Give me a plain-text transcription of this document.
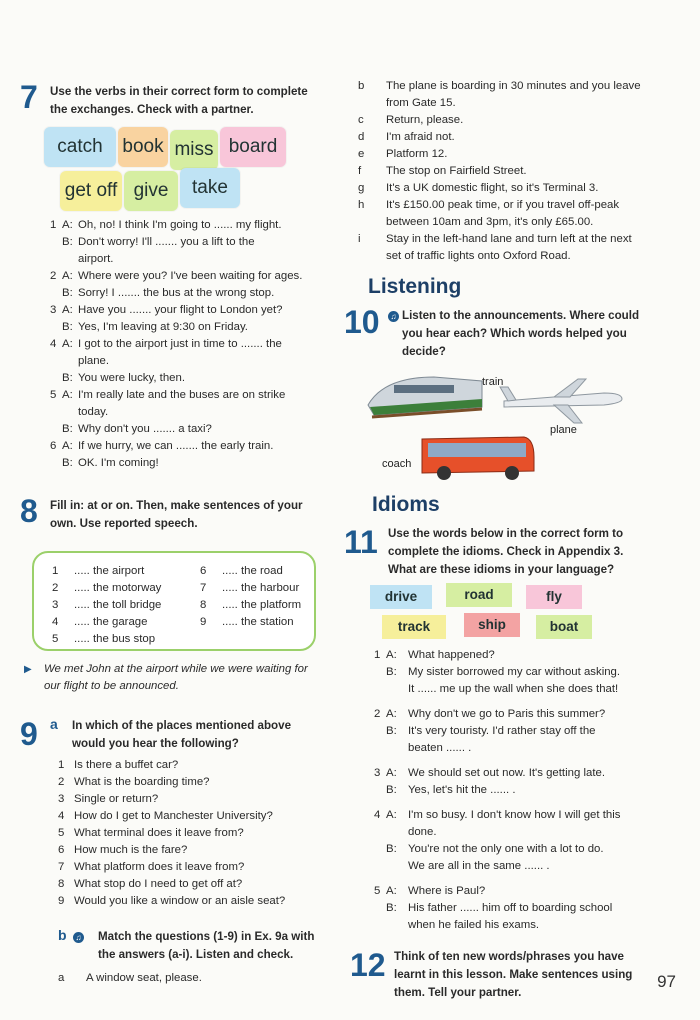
7 Use the verbs in their correct form to complete the exchanges. Check with a partner.
catch	book miss board
get off give	take
1 A: Oh, no! I think I'm going to ...... my flight.
B: Don't worry! I'll ....... you a lift to the
airport.
2 A: Where were you? I've been waiting for ages.
B: Sorry! I ....... the bus at the wrong stop.
3 A: Have you ....... your flight to London yet?
B: Yes, I'm leaving at 9:30 on Friday.
4 A: I got to the airport just in time to ....... the
plane.
B: You were lucky, then.
5 A: I'm really late and the buses are on strike
today.
B: Why don't you ....... a taxi?
6 A: If we hurry, we can ....... the early train.
B: OK. I'm coming!
8 Fill in: at or on. Then, make sentences of your own. Use reported speech.
1 ..... the airport
2 ..... the motorway
3 ..... the toll bridge
4 ..... the garage
5 ..... the bus stop
6 ..... the road
7 ..... the harbour
8 ..... the platform
9 ..... the station
▶ We met John at the airport while we were waiting for our flight to be announced.
9 a In which of the places mentioned above would you hear the following?
1 Is there a buffet car?
2 What is the boarding time?
3 Single or return?
4 How do I get to Manchester University?
5 What terminal does it leave from?
6 How much is the fare?
7 What platform does it leave from?
8 What stop do I need to get off at?
9 Would you like a window or an aisle seat?
b	♫ Match the questions (1-9) in Ex. 9a with the answers (a-i). Listen and check.
a	A window seat, please.
b	The plane is boarding in 30 minutes and you leave from Gate 15.
c	Return, please.
d	I'm afraid not.
e	Platform 12.
f	The stop on Fairfield Street.
g	It's a UK domestic flight, so it's Terminal 3.
h	It's £150.00 peak time, or if you travel off-peak between 10am and 3pm, it's only £65.00.
i	Stay in the left-hand lane and turn left at the next set of traffic lights onto Oxford Road.
Listening
10	♫ Listen to the announcements. Where could you hear each? Which words helped you decide?
train
plane
coach
Idioms
11 Use the words below in the correct form to complete the idioms. Check in Appendix 3. What are these idioms in your language?
drive	road	fly
track	ship	boat
1 A: What happened?
B: My sister borrowed my car without asking.
It ...... me up the wall when she does that!
2 A: Why don't we go to Paris this summer?
B: It's very touristy. I'd rather stay off the
beaten ...... .
3 A: We should set out now. It's getting late.
B: Yes, let's hit the ...... .
4 A: I'm so busy. I don't know how I will get this
done.
B: You're not the only one with a lot to do.
We are all in the same ...... .
5 A: Where is Paul?
B: His father ...... him off to boarding school
when he failed his exams.
12 Think of ten new words/phrases you have learnt in this lesson. Make sentences using them. Tell your partner.
97
